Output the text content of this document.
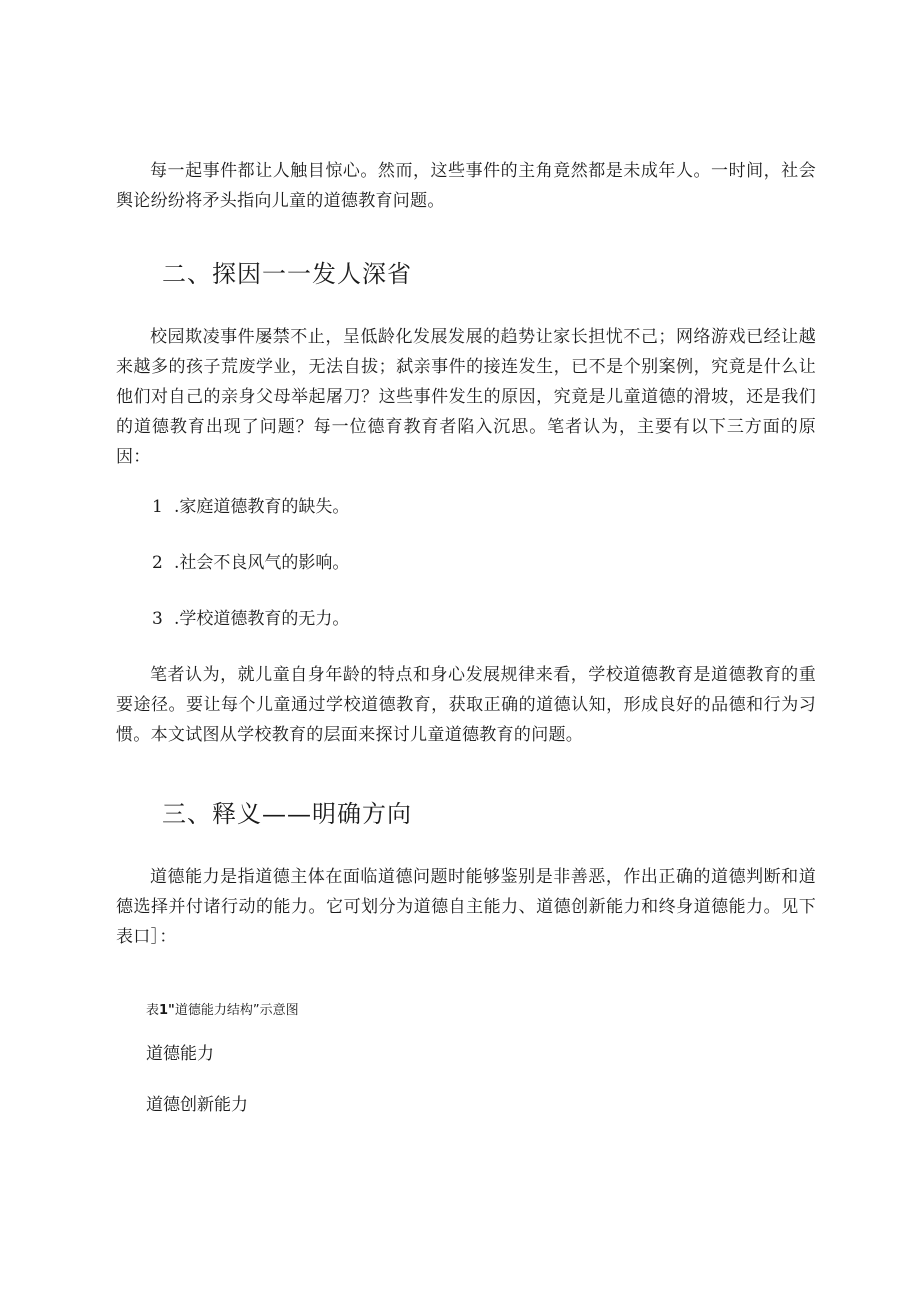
每一起事件都让人触目惊心。然而，这些事件的主角竟然都是未成年人。一时间，社会舆论纷纷将矛头指向儿童的道德教育问题。
二、探因一一发人深省
校园欺凌事件屡禁不止，呈低龄化发展发展的趋势让家长担忧不己；网络游戏已经让越来越多的孩子荒废学业，无法自拔；弑亲事件的接连发生，已不是个别案例，究竟是什么让他们对自己的亲身父母举起屠刀？这些事件发生的原因，究竟是儿童道德的滑坡，还是我们的道德教育出现了问题？每一位德育教育者陷入沉思。笔者认为，主要有以下三方面的原因：
1 .家庭道德教育的缺失。
2 .社会不良风气的影响。
3 .学校道德教育的无力。
笔者认为，就儿童自身年龄的特点和身心发展规律来看，学校道德教育是道德教育的重要途径。要让每个儿童通过学校道德教育，获取正确的道德认知，形成良好的品德和行为习惯。本文试图从学校教育的层面来探讨儿童道德教育的问题。
三、释义——明确方向
道德能力是指道德主体在面临道德问题时能够鉴别是非善恶，作出正确的道德判断和道德选择并付诸行动的能力。它可划分为道德自主能力、道德创新能力和终身道德能力。见下表口］：
表1"道德能力结构”示意图
道德能力
道德创新能力
